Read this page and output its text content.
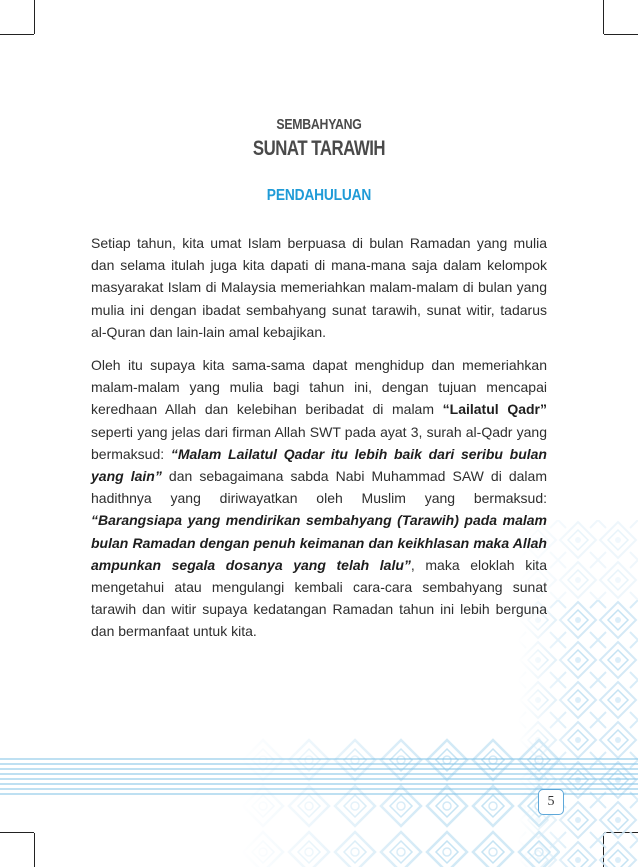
SEMBAHYANG
SUNAT TARAWIH
PENDAHULUAN

Setiap tahun, kita umat Islam berpuasa di bulan Ramadan yang mulia dan selama itulah juga kita dapati di mana-mana saja dalam kelompok masyarakat Islam di Malaysia memeriahkan malam-malam di bulan yang mulia ini dengan ibadat sembahyang sunat tarawih, sunat witir, tadarus al-Quran dan lain-lain amal kebajikan.

Oleh itu supaya kita sama-sama dapat menghidup dan memeriahkan malam-malam yang mulia bagi tahun ini, dengan tujuan mencapai keredhaan Allah dan kelebihan beribadat di malam “Lailatul Qadr” seperti yang jelas dari firman Allah SWT pada ayat 3, surah al-Qadr yang bermaksud: “Malam Lailatul Qadar itu lebih baik dari seribu bulan yang lain” dan sebagaimana sabda Nabi Muhammad SAW di dalam hadithnya yang diriwayatkan oleh Muslim yang bermaksud: “Barangsiapa yang mendirikan sembahyang (Tarawih) pada malam bulan Ramadan dengan penuh keimanan dan keikhlasan maka Allah ampunkan segala dosanya yang telah lalu”, maka eloklah kita mengetahui atau mengulangi kembali cara-cara sembahyang sunat tarawih dan witir supaya kedatangan Ramadan tahun ini lebih berguna dan bermanfaat untuk kita.

5
